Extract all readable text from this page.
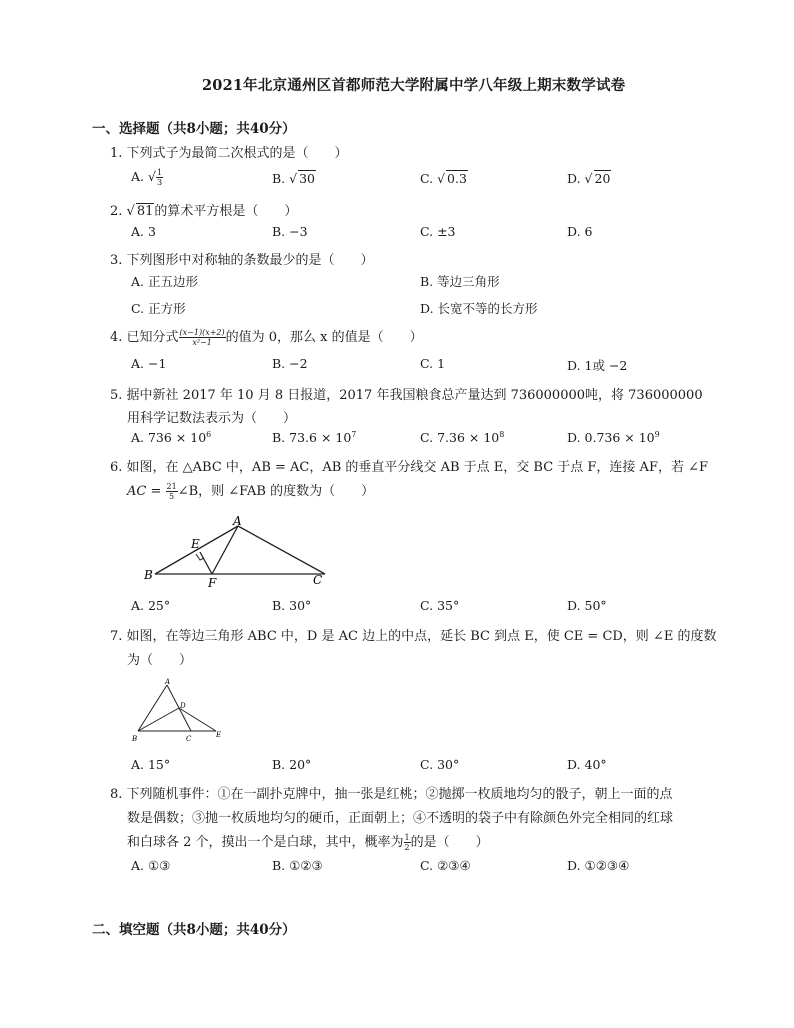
2021年北京通州区首都师范大学附属中学八年级上期末数学试卷
一、选择题（共8小题；共40分）
1. 下列式子为最简二次根式的是（　　）
A. √ $\frac{1}{3}$	B. √ 30	C. √ 0.3	D. √ 20
2. √ 81的算术平方根是（　　）
A. 3	B. −3	C. ±3	D. 6
3. 下列图形中对称轴的条数最少的是（　　）
A. 正五边形	B. 等边三角形
C. 正方形	D. 长宽不等的长方形
4. 已知分式 $\frac{(x-1)(x+2)}{\text{x²−1}}$ 的值为 0，那么 x 的值是（　　）
A. −1	B. −2	C. 1	D. 1或 −2
5. 据中新社 2017 年 10 月 8 日报道，2017 年我国粮食总产量达到 736000000吨，将 736000000
用科学记数法表示为（　　）
A. $736 \times 10^6$	B. $73.6 \times 10^7$	C. $7.36 \times 10^8$	D. $0.736 \times 10^9$
6. 如图，在 △ABC 中，AB = AC，AB 的垂直平分线交 AB 于点 E，交 BC 于点 F，连接 AF，若 ∠F
AC = $\frac{21}{5}$ ∠B，则 ∠FAB 的度数为（　　）
A
B	C
E
F
A. 25°	B. 30°	C. 35°	D. 50°
7. 如图，在等边三角形 ABC 中，D 是 AC 边上的中点，延长 BC 到点 E，使 CE = CD，则 ∠E 的度数
为（　　）
A
B	C
D
E
A. 15°	B. 20°	C. 30°	D. 40°
8. 下列随机事件：①在一副扑克牌中，抽一张是红桃；②抛掷一枚质地均匀的骰子，朝上一面的点
数是偶数；③抛一枚质地均匀的硬币，正面朝上；④不透明的袋子中有除颜色外完全相同的红球
和白球各 2 个，摸出一个是白球，其中，概率为 $\frac{1}{2}$ 的是（　　）
A. ①③	B. ①②③	C. ②③④	D. ①②③④
二、填空题（共8小题；共40分）
